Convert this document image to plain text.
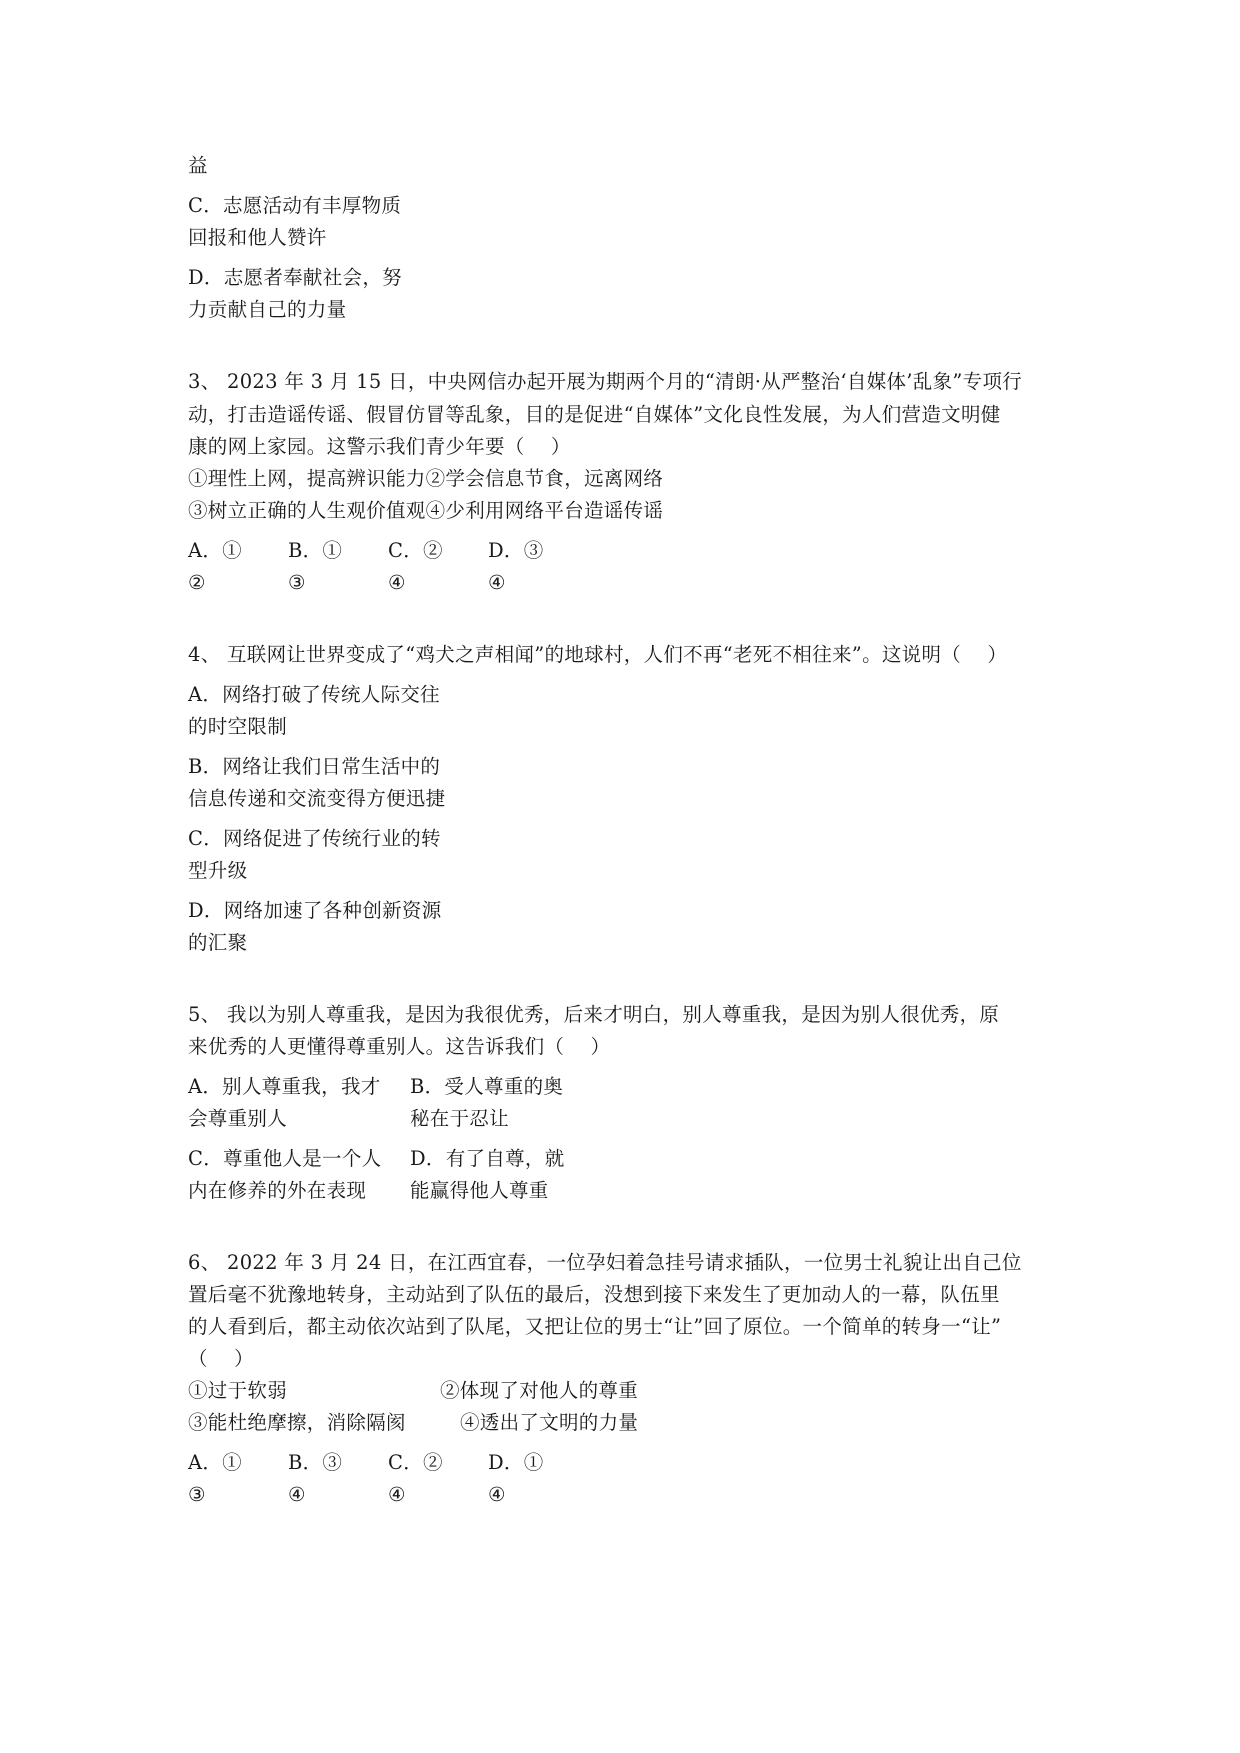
益
C．志愿活动有丰厚物质
回报和他人赞许
D．志愿者奉献社会，努
力贡献自己的力量
3、 2023 年 3 月 15 日，中央网信办起开展为期两个月的“清朗·从严整治‘自媒体’乱象”专项行
动，打击造谣传谣、假冒仿冒等乱象，目的是促进“自媒体”文化良性发展，为人们营造文明健
康的网上家园。这警示我们青少年要（　 ）
①理性上网，提高辨识能力②学会信息节食，远离网络
③树立正确的人生观价值观④少利用网络平台造谣传谣
A．①
②
B．①
③
C．②
④
D．③
④
4、 互联网让世界变成了“鸡犬之声相闻”的地球村，人们不再“老死不相往来”。这说明（　 ）
A．网络打破了传统人际交往
的时空限制
B．网络让我们日常生活中的
信息传递和交流变得方便迅捷
C．网络促进了传统行业的转
型升级
D．网络加速了各种创新资源
的汇聚
5、 我以为别人尊重我，是因为我很优秀，后来才明白，别人尊重我，是因为别人很优秀，原
来优秀的人更懂得尊重别人。这告诉我们（　 ）
A．别人尊重我，我才
会尊重别人
B．受人尊重的奥
秘在于忍让
C．尊重他人是一个人
内在修养的外在表现
D．有了自尊，就
能赢得他人尊重
6、 2022 年 3 月 24 日，在江西宜春，一位孕妇着急挂号请求插队，一位男士礼貌让出自己位
置后毫不犹豫地转身，主动站到了队伍的最后，没想到接下来发生了更加动人的一幕，队伍里
的人看到后，都主动依次站到了队尾，又把让位的男士“让”回了原位。一个简单的转身一“让”
（　 ）
①过于软弱	②体现了对他人的尊重
③能杜绝摩擦，消除隔阂	④透出了文明的力量
A．①
③
B．③
④
C．②
④
D．①
④
